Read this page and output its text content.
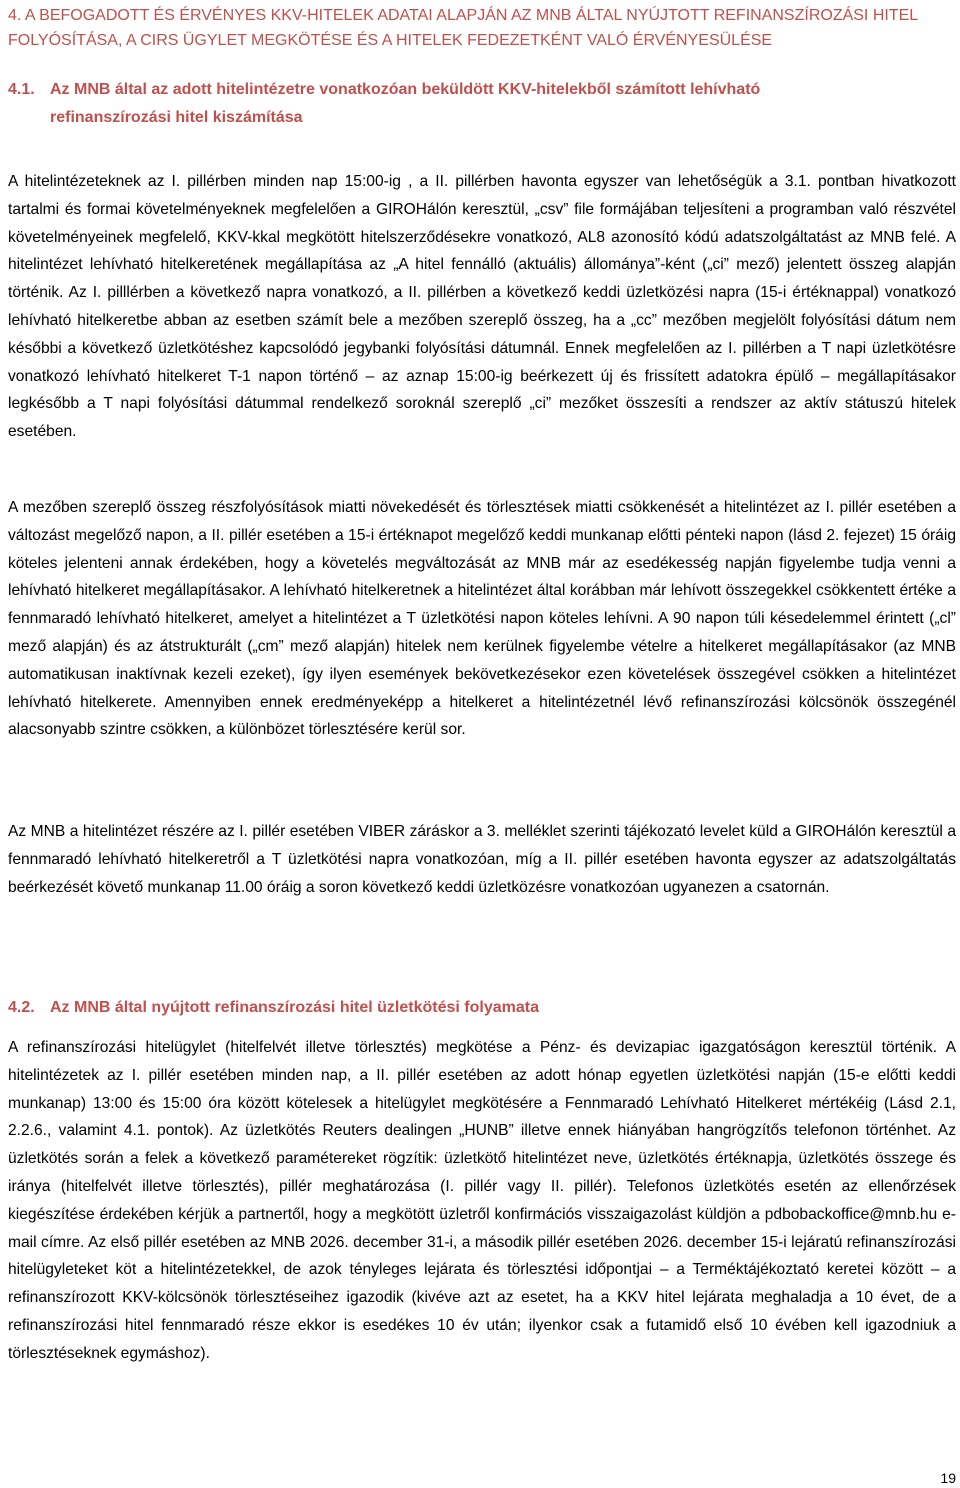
4. A BEFOGADOTT ÉS ÉRVÉNYES KKV-HITELEK ADATAI ALAPJÁN AZ MNB ÁLTAL NYÚJTOTT REFINANSZÍROZÁSI HITEL FOLYÓSÍTÁSA, A CIRS ÜGYLET MEGKÖTÉSE ÉS A HITELEK FEDEZETKÉNT VALÓ ÉRVÉNYESÜLÉSE
4.1. Az MNB által az adott hitelintézetre vonatkozóan beküldött KKV-hitelekből számított lehívható
refinanszírozási hitel kiszámítása

A hitelintézeteknek az I. pillérben minden nap 15:00-ig , a II. pillérben havonta egyszer van lehetőségük a 3.1. pontban hivatkozott tartalmi és formai követelményeknek megfelelően a GIROHálón keresztül, „csv” file formájában teljesíteni a programban való részvétel követelményeinek megfelelő, KKV-kkal megkötött hitelszerződésekre vonatkozó, AL8 azonosító kódú adatszolgáltatást az MNB felé. A hitelintézet lehívható hitelkeretének megállapítása az „A hitel fennálló (aktuális) állománya”-ként („ci” mező) jelentett összeg alapján történik. Az I. pilllérben a következő napra vonatkozó, a II. pillérben a következő keddi üzletközési napra (15-i értéknappal) vonatkozó lehívható hitelkeretbe abban az esetben számít bele a mezőben szereplő összeg, ha a „cc” mezőben megjelölt folyósítási dátum nem későbbi a következő üzletkötéshez kapcsolódó jegybanki folyósítási dátumnál. Ennek megfelelően az I. pillérben a T napi üzletkötésre vonatkozó lehívható hitelkeret T-1 napon történő – az aznap 15:00-ig beérkezett új és frissített adatokra épülő – megállapításakor legkésőbb a T napi folyósítási dátummal rendelkező soroknál szereplő „ci” mezőket összesíti a rendszer az aktív státuszú hitelek esetében.

A mezőben szereplő összeg részfolyósítások miatti növekedését és törlesztések miatti csökkenését a hitelintézet az I. pillér esetében a változást megelőző napon, a II. pillér esetében a 15-i értéknapot megelőző keddi munkanap előtti pénteki napon (lásd 2. fejezet) 15 óráig köteles jelenteni annak érdekében, hogy a követelés megváltozását az MNB már az esedékesség napján figyelembe tudja venni a lehívható hitelkeret megállapításakor. A lehívható hitelkeretnek a hitelintézet által korábban már lehívott összegekkel csökkentett értéke a fennmaradó lehívható hitelkeret, amelyet a hitelintézet a T üzletkötési napon köteles lehívni. A 90 napon túli késedelemmel érintett („cl” mező alapján) és az átstrukturált („cm” mező alapján) hitelek nem kerülnek figyelembe vételre a hitelkeret megállapításakor (az MNB automatikusan inaktívnak kezeli ezeket), így ilyen események bekövetkezésekor ezen követelések összegével csökken a hitelintézet lehívható hitelkerete. Amennyiben ennek eredményeképp a hitelkeret a hitelintézetnél lévő refinanszírozási kölcsönök összegénél alacsonyabb szintre csökken, a különbözet törlesztésére kerül sor.

Az MNB a hitelintézet részére az I. pillér esetében VIBER záráskor a 3. melléklet szerinti tájékozató levelet küld a GIROHálón keresztül a fennmaradó lehívható hitelkeretről a T üzletkötési napra vonatkozóan, míg a II. pillér esetében havonta egyszer az adatszolgáltatás beérkezését követő munkanap 11.00 óráig a soron következő keddi üzletközésre vonatkozóan ugyanezen a csatornán.

4.2. Az MNB által nyújtott refinanszírozási hitel üzletkötési folyamata

A refinanszírozási hitelügylet (hitelfelvét illetve törlesztés) megkötése a Pénz- és devizapiac igazgatóságon keresztül történik. A hitelintézetek az I. pillér esetében minden nap, a II. pillér esetében az adott hónap egyetlen üzletkötési napján (15-e előtti keddi munkanap) 13:00 és 15:00 óra között kötelesek a hitelügylet megkötésére a Fennmaradó Lehívható Hitelkeret mértékéig (Lásd 2.1, 2.2.6., valamint 4.1. pontok). Az üzletkötés Reuters dealingen „HUNB” illetve ennek hiányában hangrögzítős telefonon történhet. Az üzletkötés során a felek a következő paramétereket rögzítik: üzletkötő hitelintézet neve, üzletkötés értéknapja, üzletkötés összege és iránya (hitelfelvét illetve törlesztés), pillér meghatározása (I. pillér vagy II. pillér). Telefonos üzletkötés esetén az ellenőrzések kiegészítése érdekében kérjük a partnertől, hogy a megkötött üzletről konfirmációs visszaigazolást küldjön a pdbobackoffice@mnb.hu e-mail címre. Az első pillér esetében az MNB 2026. december 31-i, a második pillér esetében 2026. december 15-i lejáratú refinanszírozási hitelügyleteket köt a hitelintézetekkel, de azok tényleges lejárata és törlesztési időpontjai – a Terméktájékoztató keretei között – a refinanszírozott KKV-kölcsönök törlesztéseihez igazodik (kivéve azt az esetet, ha a KKV hitel lejárata meghaladja a 10 évet, de a refinanszírozási hitel fennmaradó része ekkor is esedékes 10 év után; ilyenkor csak a futamidő első 10 évében kell igazodniuk a törlesztéseknek egymáshoz).

19
